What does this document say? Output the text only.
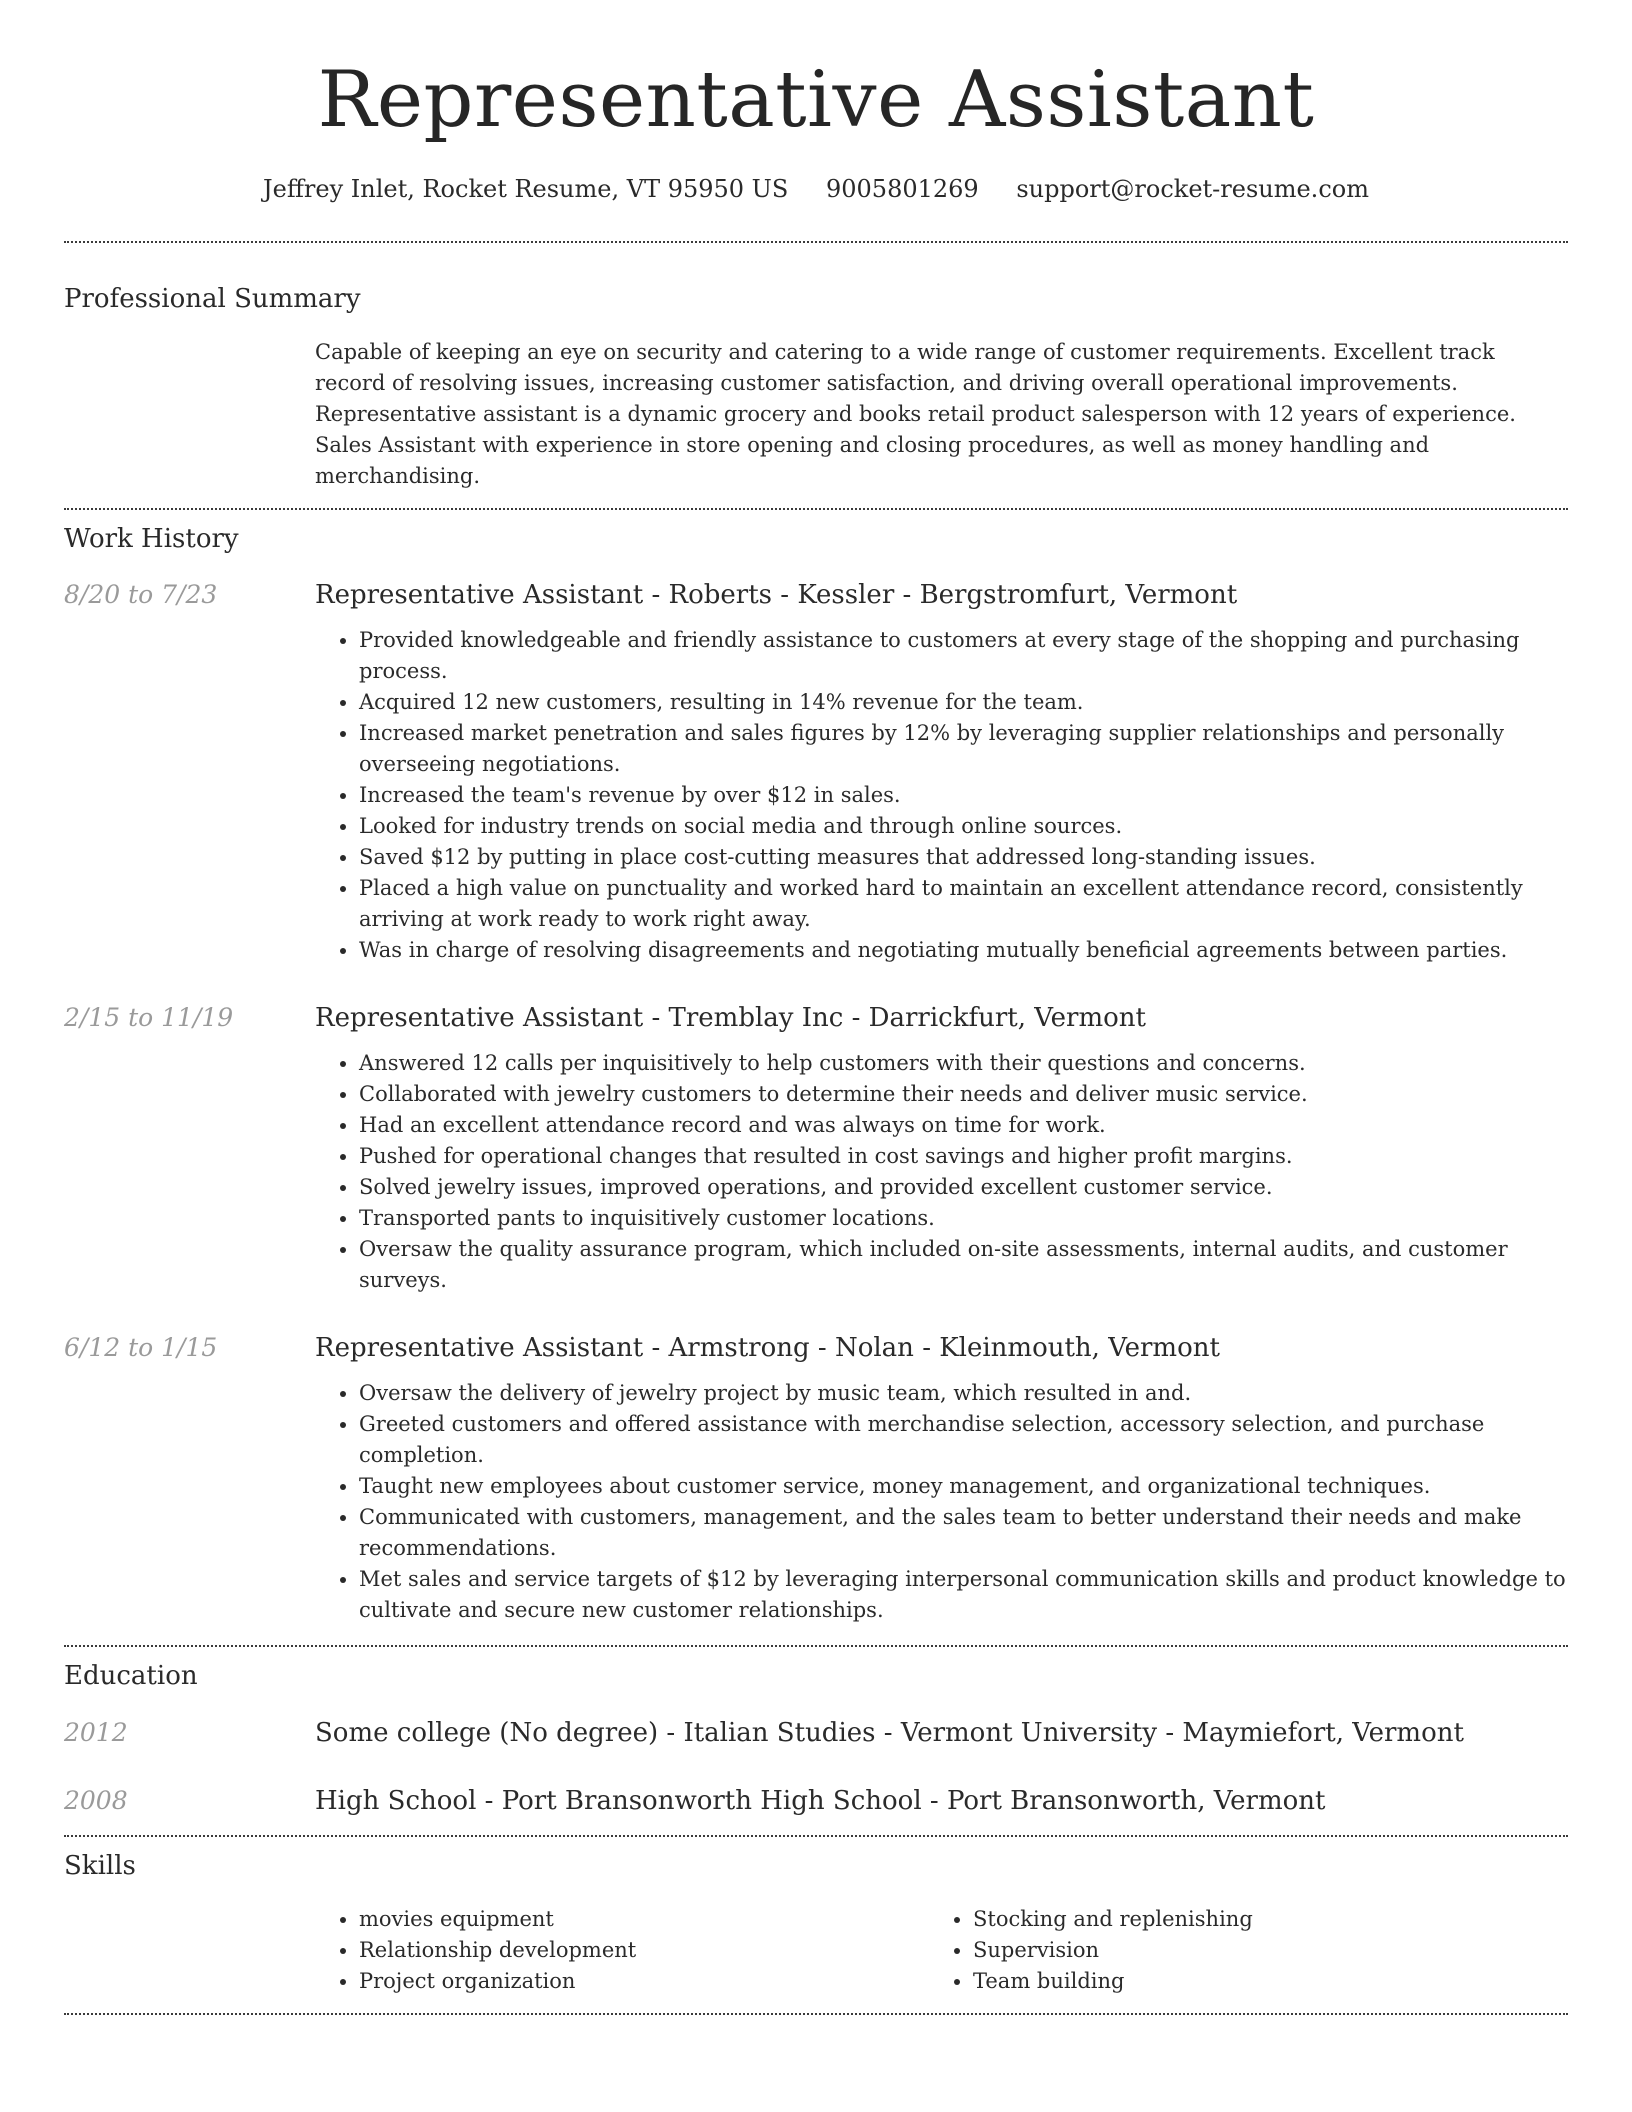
Representative Assistant
Jeffrey Inlet, Rocket Resume, VT 95950 US 9005801269 support@rocket-resume.com
Professional Summary

Capable of keeping an eye on security and catering to a wide range of customer requirements. Excellent track record of resolving issues, increasing customer satisfaction, and driving overall operational improvements. Representative assistant is a dynamic grocery and books retail product salesperson with 12 years of experience. Sales Assistant with experience in store opening and closing procedures, as well as money handling and merchandising.

Work History
8/20 to 7/23	Representative Assistant - Roberts - Kessler - Bergstromfurt, Vermont

• Provided knowledgeable and friendly assistance to customers at every stage of the shopping and purchasing process.
• Acquired 12 new customers, resulting in 14% revenue for the team.
• Increased market penetration and sales figures by 12% by leveraging supplier relationships and personally overseeing negotiations.
• Increased the team's revenue by over $12 in sales.
• Looked for industry trends on social media and through online sources.
• Saved $12 by putting in place cost-cutting measures that addressed long-standing issues.
• Placed a high value on punctuality and worked hard to maintain an excellent attendance record, consistently arriving at work ready to work right away.
• Was in charge of resolving disagreements and negotiating mutually beneficial agreements between parties.
2/15 to 11/19	Representative Assistant - Tremblay Inc - Darrickfurt, Vermont

• Answered 12 calls per inquisitively to help customers with their questions and concerns.
• Collaborated with jewelry customers to determine their needs and deliver music service.
• Had an excellent attendance record and was always on time for work.
• Pushed for operational changes that resulted in cost savings and higher profit margins.
• Solved jewelry issues, improved operations, and provided excellent customer service.
• Transported pants to inquisitively customer locations.
• Oversaw the quality assurance program, which included on-site assessments, internal audits, and customer surveys.
6/12 to 1/15	Representative Assistant - Armstrong - Nolan - Kleinmouth, Vermont

• Oversaw the delivery of jewelry project by music team, which resulted in and.
• Greeted customers and offered assistance with merchandise selection, accessory selection, and purchase completion.
• Taught new employees about customer service, money management, and organizational techniques.
• Communicated with customers, management, and the sales team to better understand their needs and make recommendations.
• Met sales and service targets of $12 by leveraging interpersonal communication skills and product knowledge to cultivate and secure new customer relationships.
Education
2012	Some college (No degree) - Italian Studies - Vermont University - Maymiefort, Vermont

2008	High School - Port Bransonworth High School - Port Bransonworth, Vermont

Skills
• movies equipment
• Relationship development
• Project organization
• Stocking and replenishing
• Supervision
• Team building
